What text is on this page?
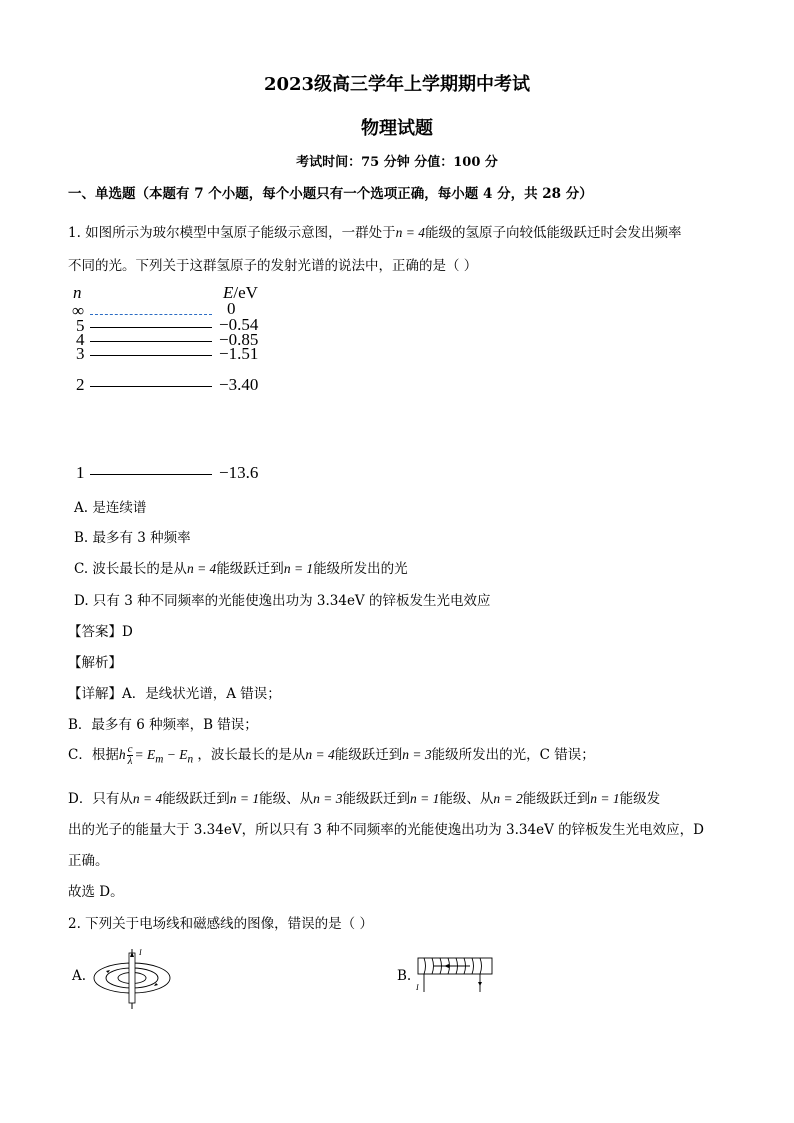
2023级高三学年上学期期中考试
物理试题
考试时间：75 分钟 分值：100 分
一、单选题（本题有 7 个小题，每个小题只有一个选项正确，每小题 4 分，共 28 分）
1. 如图所示为玻尔模型中氢原子能级示意图，一群处于n = 4能级的氢原子向较低能级跃迁时会发出频率
不同的光。下列关于这群氢原子的发射光谱的说法中，正确的是（ ）
n	E/eV
∞	0
5	−0.54
4	−0.85
3	−1.51
2	−3.40
1	−13.6
A. 是连续谱
B. 最多有 3 种频率
C. 波长最长的是从n = 4能级跃迁到n = 1能级所发出的光
D. 只有 3 种不同频率的光能使逸出功为 3.34eV 的锌板发生光电效应
【答案】D
【解析】
【详解】A．是线状光谱，A 错误；
B．最多有 6 种频率，B 错误；
C．根据h $\frac{c}{\lambda} = E_m - E_n$ ，波长最长的是从n = 4能级跃迁到n = 3能级所发出的光，C 错误；
D．只有从n = 4能级跃迁到n = 1能级、从n = 3能级跃迁到n = 1能级、从n = 2能级跃迁到n = 1能级发
出的光子的能量大于 3.34eV，所以只有 3 种不同频率的光能使逸出功为 3.34eV 的锌板发生光电效应，D
正确。
故选 D。
2. 下列关于电场线和磁感线的图像，错误的是（ ）
A.
I
B.
I
